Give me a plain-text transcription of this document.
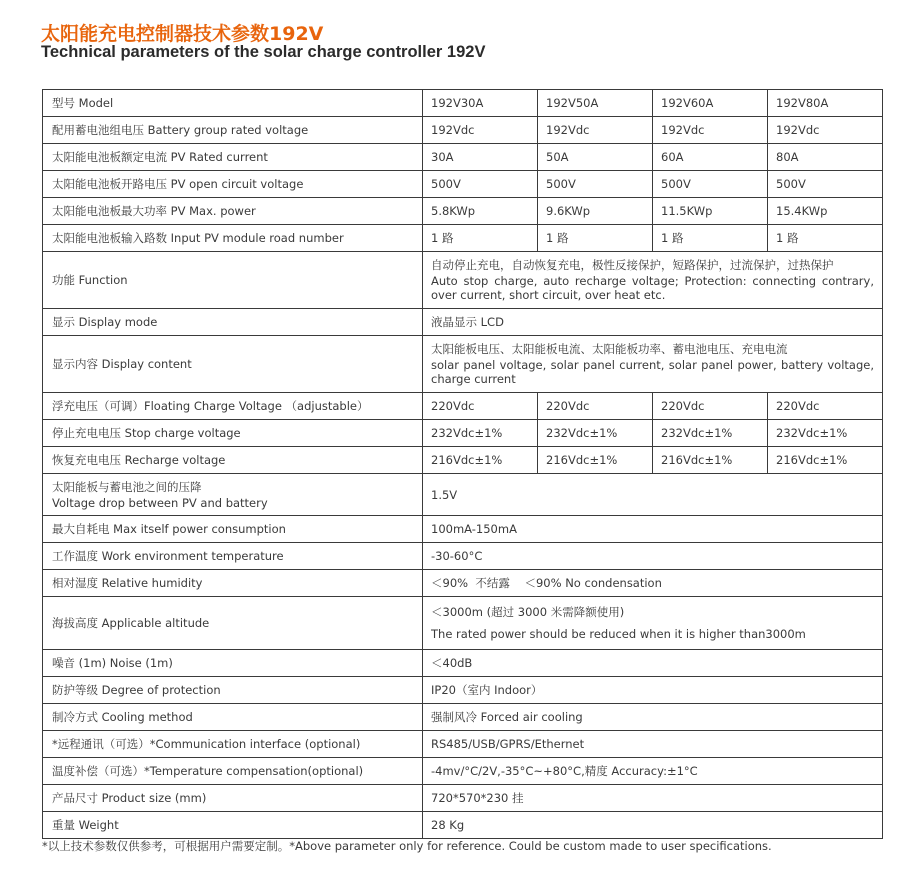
太阳能充电控制器技术参数192V
Technical parameters of the solar charge controller 192V
型号 Model	192V30A	192V50A	192V60A	192V80A
配用蓄电池组电压 Battery group rated voltage	192Vdc	192Vdc	192Vdc	192Vdc
太阳能电池板额定电流 PV Rated current	30A	50A	60A	80A
太阳能电池板开路电压 PV open circuit voltage	500V	500V	500V	500V
太阳能电池板最大功率 PV Max. power	5.8KWp	9.6KWp	11.5KWp	15.4KWp
太阳能电池板输入路数 Input PV module road number	1 路	1 路	1 路	1 路
功能 Function	自动停止充电，自动恢复充电，极性反接保护，短路保护，过流保护，过热保护
Auto stop charge, auto recharge voltage; Protection: connecting contrary, over current, short circuit, over heat etc.			

显示 Display mode	液晶显示 LCD			
显示内容 Display content	太阳能板电压、太阳能板电流、太阳能板功率、蓄电池电压、充电电流
solar panel voltage, solar panel current, solar panel power, battery voltage, charge current			

浮充电压（可调）Floating Charge Voltage （adjustable）	220Vdc	220Vdc	220Vdc	220Vdc
停止充电电压 Stop charge voltage	232Vdc±1%	232Vdc±1%	232Vdc±1%	232Vdc±1%
恢复充电电压 Recharge voltage	216Vdc±1%	216Vdc±1%	216Vdc±1%	216Vdc±1%

太阳能板与蓄电池之间的压降
Voltage drop between PV and battery	1.5V			
最大自耗电 Max itself power consumption	100mA-150mA			
工作温度 Work environment temperature	-30-60°C			
相对湿度 Relative humidity	＜90%  不结露    ＜90% No condensation			
海拔高度 Applicable altitude	＜3000m (超过 3000 米需降额使用)
The rated power should be reduced when it is higher than3000m			

噪音 (1m) Noise (1m)	＜40dB			
防护等级 Degree of protection	IP20（室内 Indoor）			
制冷方式 Cooling method	强制风冷 Forced air cooling			
*远程通讯（可选）*Communication interface (optional)	RS485/USB/GPRS/Ethernet			
温度补偿（可选）*Temperature compensation(optional)	-4mv/°C/2V,-35°C~+80°C,精度 Accuracy:±1°C			
产品尺寸 Product size (mm)	720*570*230 挂			
重量 Weight	28 Kg			
*以上技术参数仅供参考，可根据用户需要定制。*Above parameter only for reference. Could be custom made to user specifications.
